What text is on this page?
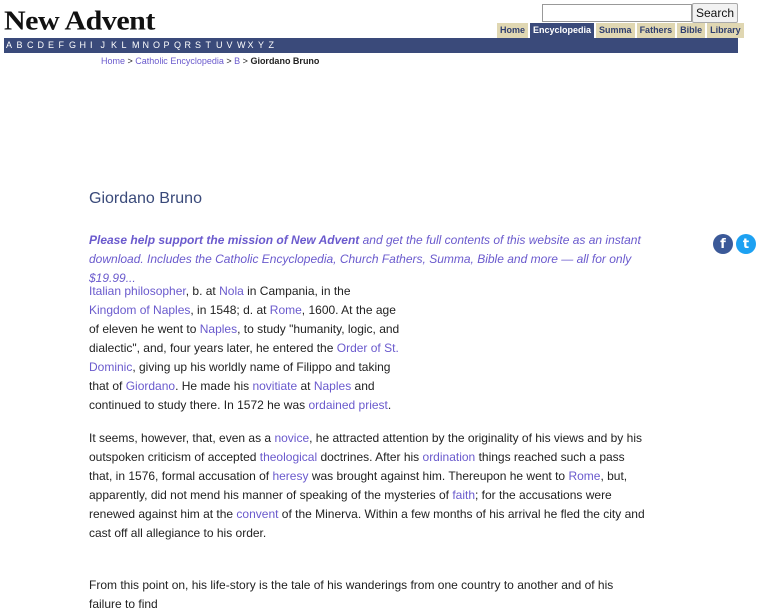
New Advent	Search
Home Encyclopedia Summa Fathers Bible Library
A B C D E F G H I J K L M N O P Q R S T U V W X Y Z
Home > Catholic Encyclopedia > B > Giordano Bruno
Giordano Bruno

Please help support the mission of New Advent and get the full contents of this website as an instant download. Includes the Catholic Encyclopedia, Church Fathers, Summa, Bible and more — all for only $19.99...

f	t

Italian philosopher, b. at Nola in Campania, in the Kingdom of Naples, in 1548; d. at Rome, 1600. At the age of eleven he went to Naples, to study "humanity, logic, and dialectic", and, four years later, he entered the Order of St. Dominic, giving up his worldly name of Filippo and taking that of Giordano. He made his novitiate at Naples and continued to study there. In 1572 he was ordained priest.

It seems, however, that, even as a novice, he attracted attention by the originality of his views and by his outspoken criticism of accepted theological doctrines. After his ordination things reached such a pass that, in 1576, formal accusation of heresy was brought against him. Thereupon he went to Rome, but, apparently, did not mend his manner of speaking of the mysteries of faith; for the accusations were renewed against him at the convent of the Minerva. Within a few months of his arrival he fled the city and cast off all allegiance to his order.

From this point on, his life-story is the tale of his wanderings from one country to another and of his failure to find
